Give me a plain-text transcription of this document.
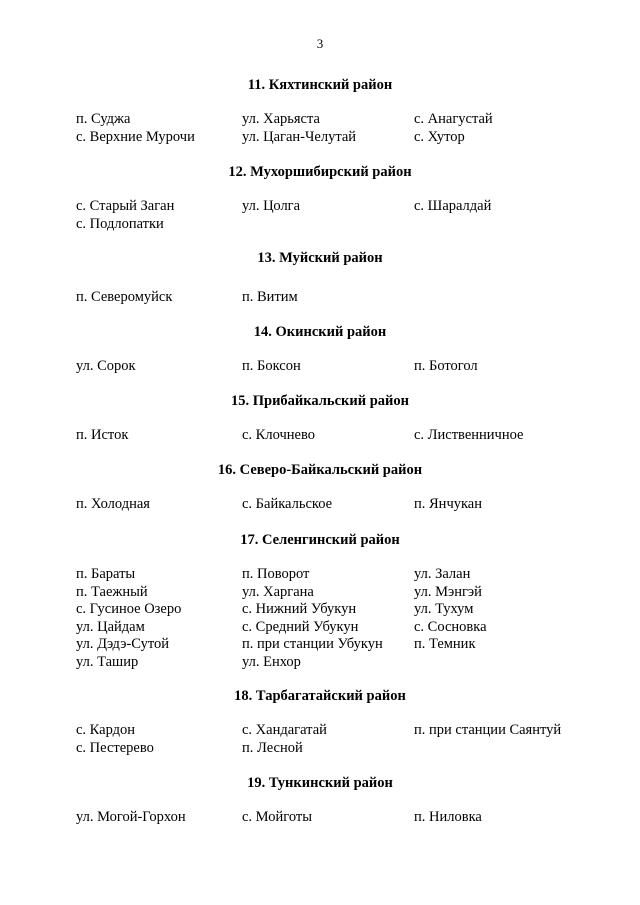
3
11. Кяхтинский район
п. Суджа	ул. Харьяста	с. Анагустай
с. Верхние Мурочи	ул. Цаган-Челутай	с. Хутор
12. Мухоршибирский район
с. Старый Заган	ул. Цолга	с. Шаралдай
с. Подлопатки
13. Муйский район
п. Северомуйск	п. Витим
14. Окинский район
ул. Сорок	п. Боксон	п. Ботогол
15. Прибайкальский район
п. Исток	с. Клочнево	с. Лиственничное
16. Северо-Байкальский район
п. Холодная	с. Байкальское	п. Янчукан
17. Селенгинский район
п. Бараты	п. Поворот	ул. Залан
п. Таежный	ул. Харгана	ул. Мэнгэй
с. Гусиное Озеро	с. Нижний Убукун	ул. Тухум
ул. Цайдам	с. Средний Убукун	с. Сосновка
ул. Дэдэ-Сутой	п. при станции Убукун	п. Темник
ул. Ташир	ул. Енхор
18. Тарбагатайский район
с. Кардон	с. Хандагатай	п. при станции Саянтуй
с. Пестерево	п. Лесной
19. Тункинский район
ул. Могой-Горхон	с. Мойготы	п. Ниловка
